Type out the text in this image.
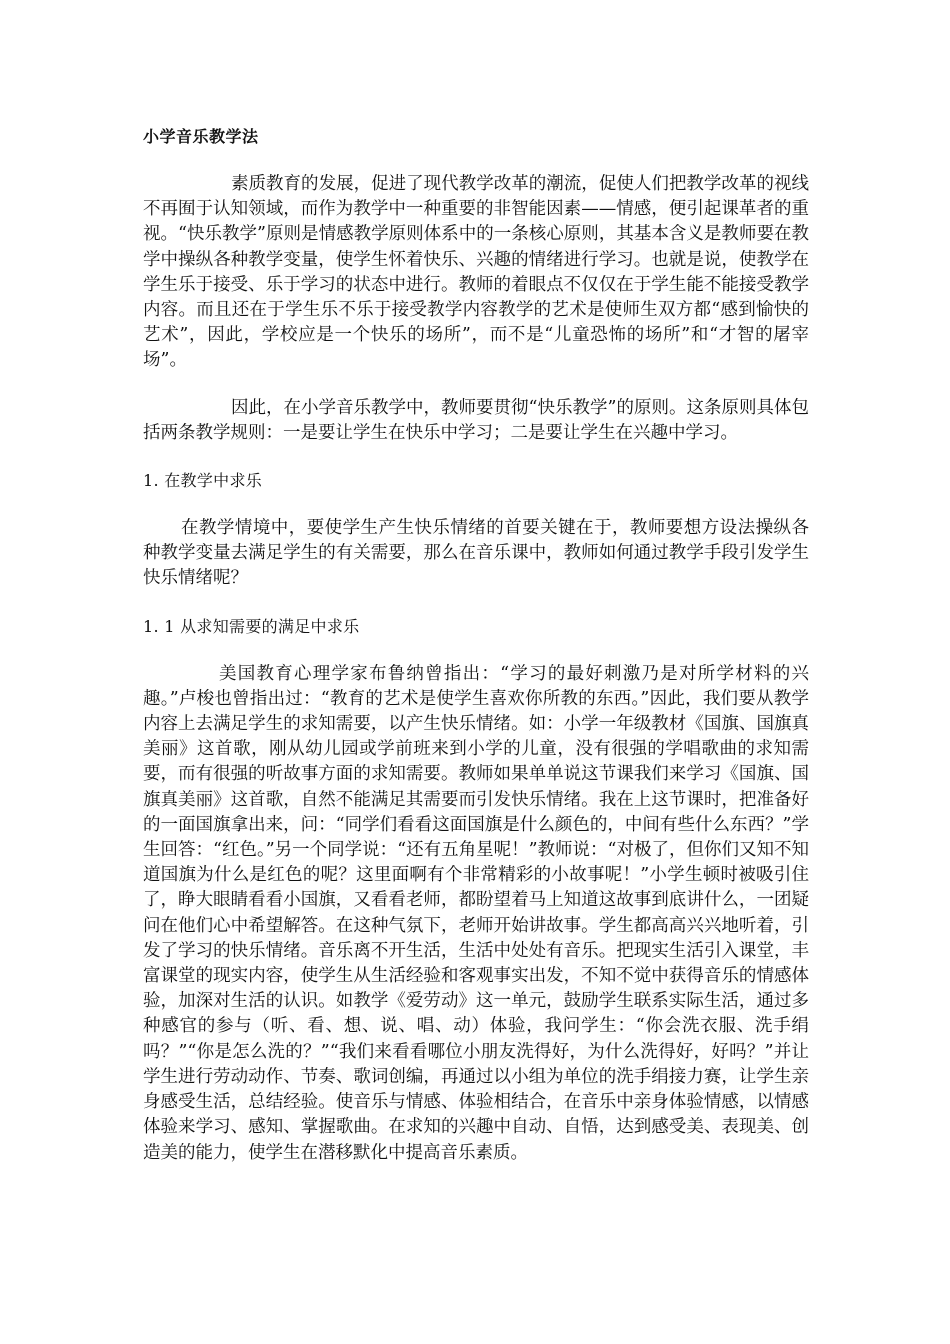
小学音乐教学法

素质教育的发展，促进了现代教学改革的潮流，促使人们把教学改革的视线不再囿于认知领域，而作为教学中一种重要的非智能因素——情感，便引起课革者的重视。“快乐教学”原则是情感教学原则体系中的一条核心原则，其基本含义是教师要在教学中操纵各种教学变量，使学生怀着快乐、兴趣的情绪进行学习。也就是说，使教学在学生乐于接受、乐于学习的状态中进行。教师的着眼点不仅仅在于学生能不能接受教学内容。而且还在于学生乐不乐于接受教学内容教学的艺术是使师生双方都“感到愉快的艺术”，因此，学校应是一个快乐的场所”，而不是“儿童恐怖的场所”和“才智的屠宰场”。

因此，在小学音乐教学中，教师要贯彻“快乐教学”的原则。这条原则具体包括两条教学规则：一是要让学生在快乐中学习；二是要让学生在兴趣中学习。

1. 在教学中求乐

在教学情境中，要使学生产生快乐情绪的首要关键在于，教师要想方设法操纵各种教学变量去满足学生的有关需要，那么在音乐课中，教师如何通过教学手段引发学生快乐情绪呢？

1. 1 从求知需要的满足中求乐

美国教育心理学家布鲁纳曾指出：“学习的最好刺激乃是对所学材料的兴趣。”卢梭也曾指出过：“教育的艺术是使学生喜欢你所教的东西。”因此，我们要从教学内容上去满足学生的求知需要，以产生快乐情绪。如：小学一年级教材《国旗、国旗真美丽》这首歌，刚从幼儿园或学前班来到小学的儿童，没有很强的学唱歌曲的求知需要，而有很强的听故事方面的求知需要。教师如果单单说这节课我们来学习《国旗、国旗真美丽》这首歌，自然不能满足其需要而引发快乐情绪。我在上这节课时，把准备好的一面国旗拿出来，问：“同学们看看这面国旗是什么颜色的，中间有些什么东西？”学生回答：“红色。”另一个同学说：“还有五角星呢！”教师说：“对极了，但你们又知不知道国旗为什么是红色的呢？这里面啊有个非常精彩的小故事呢！”小学生顿时被吸引住了，睁大眼睛看看小国旗，又看看老师，都盼望着马上知道这故事到底讲什么，一团疑问在他们心中希望解答。在这种气氛下，老师开始讲故事。学生都高高兴兴地听着，引发了学习的快乐情绪。音乐离不开生活，生活中处处有音乐。把现实生活引入课堂，丰富课堂的现实内容，使学生从生活经验和客观事实出发，不知不觉中获得音乐的情感体验，加深对生活的认识。如教学《爱劳动》这一单元，鼓励学生联系实际生活，通过多种感官的参与（听、看、想、说、唱、动）体验，我问学生：“你会洗衣服、洗手绢吗？”“你是怎么洗的？”“我们来看看哪位小朋友洗得好，为什么洗得好，好吗？”并让学生进行劳动动作、节奏、歌词创编，再通过以小组为单位的洗手绢接力赛，让学生亲身感受生活，总结经验。使音乐与情感、体验相结合，在音乐中亲身体验情感，以情感体验来学习、感知、掌握歌曲。在求知的兴趣中自动、自悟，达到感受美、表现美、创造美的能力，使学生在潜移默化中提高音乐素质。
